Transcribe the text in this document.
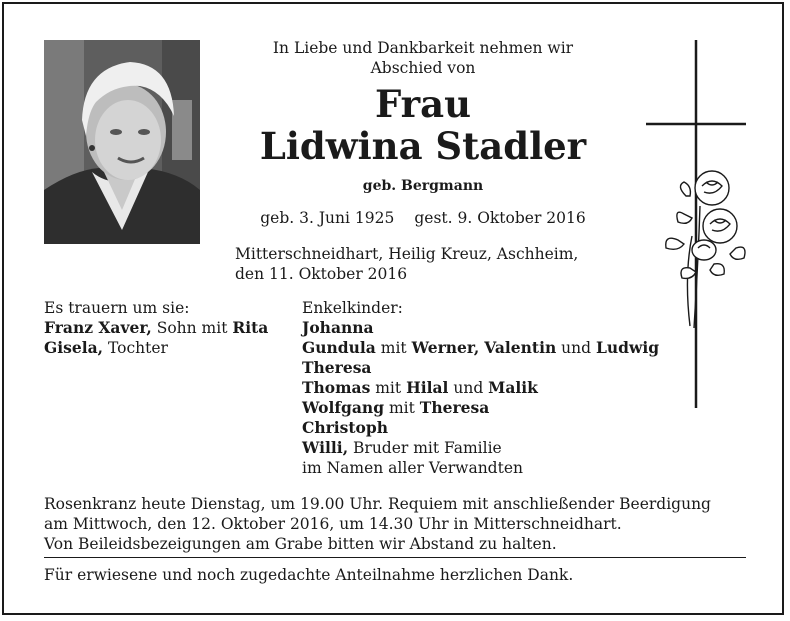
In Liebe und Dankbarkeit nehmen wir
Abschied von
Frau
Lidwina Stadler
geb. Bergmann
geb. 3. Juni 1925 gest. 9. Oktober 2016
Mitterschneidhart, Heilig Kreuz, Aschheim,
den 11. Oktober 2016
Es trauern um sie:
Franz Xaver, Sohn mit Rita
Gisela, Tochter
Enkelkinder:
Johanna
Gundula mit Werner, Valentin und Ludwig
Theresa
Thomas mit Hilal und Malik
Wolfgang mit Theresa
Christoph
Willi, Bruder mit Familie
im Namen aller Verwandten
Rosenkranz heute Dienstag, um 19.00 Uhr. Requiem mit anschließender Beerdigung
am Mittwoch, den 12. Oktober 2016, um 14.30 Uhr in Mitterschneidhart.
Von Beileidsbezeigungen am Grabe bitten wir Abstand zu halten.
Für erwiesene und noch zugedachte Anteilnahme herzlichen Dank.
